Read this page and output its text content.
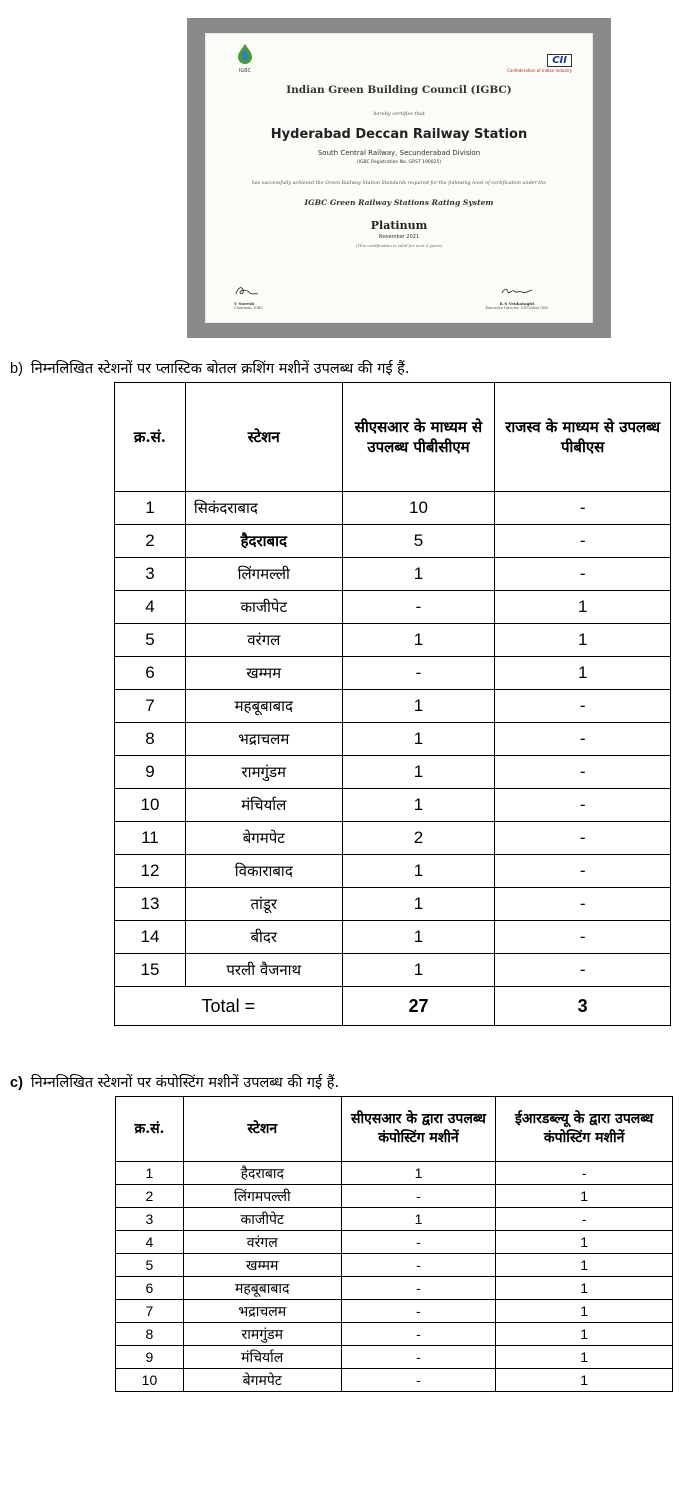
IGBC
CII
Confederation of Indian Industry
Indian Green Building Council (IGBC)
hereby certifies that
Hyderabad Deccan Railway Station
South Central Railway, Secunderabad Division
(IGBC Registration No. GRST 190025)
has successfully achieved the Green Railway Station Standards required for the following level of certification under the
IGBC Green Railway Stations Rating System
Platinum
November 2021
(This certification is valid for next 3 years)
V Suresh
Chairman, IGBC
K S Venkatagiri
Executive Director, CII-Godrej GBC
b) निम्नलिखित स्टेशनों पर प्लास्टिक बोतल क्रशिंग मशीनें उपलब्ध की गई हैं.
क्र.सं.	स्टेशन	सीएसआर के माध्यम से उपलब्ध पीबीसीएम	राजस्व के माध्यम से उपलब्ध पीबीएस
1	सिकंदराबाद	10	-
2	हैदराबाद	5	-
3	लिंगमल्ली	1	-
4	काजीपेट	-	1
5	वरंगल	1	1
6	खम्मम	-	1
7	महबूबाबाद	1	-
8	भद्राचलम	1	-
9	रामगुंडम	1	-
10	मंचिर्याल	1	-
11	बेगमपेट	2	-
12	विकाराबाद	1	-
13	तांडूर	1	-
14	बीदर	1	-
15	परली वैजनाथ	1	-
Total =		27	3
c) निम्नलिखित स्टेशनों पर कंपोस्टिंग मशीनें उपलब्ध की गई हैं.
क्र.सं.	स्टेशन	सीएसआर के द्वारा उपलब्ध कंपोस्टिंग मशीनें	ईआरडब्ल्यू के द्वारा उपलब्ध कंपोस्टिंग मशीनें
1	हैदराबाद	1	-
2	लिंगमपल्ली	-	1
3	काजीपेट	1	-
4	वरंगल	-	1
5	खम्मम	-	1
6	महबूबाबाद	-	1
7	भद्राचलम	-	1
8	रामगुंडम	-	1
9	मंचिर्याल	-	1
10	बेगमपेट	-	1
